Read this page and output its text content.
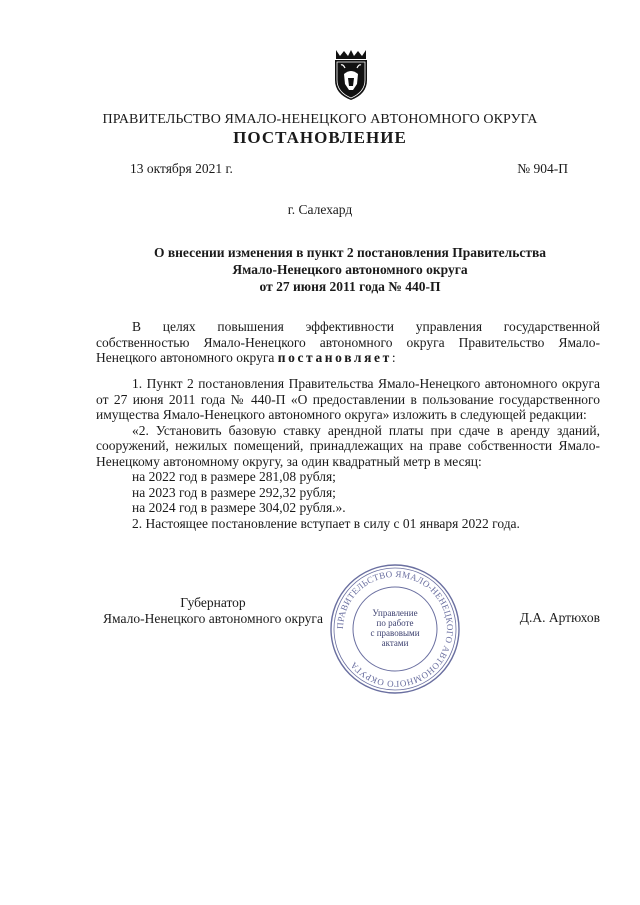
ПРАВИТЕЛЬСТВО ЯМАЛО-НЕНЕЦКОГО АВТОНОМНОГО ОКРУГА
ПОСТАНОВЛЕНИЕ
13 октября 2021 г.	№ 904-П
г. Салехард
О внесении изменения в пункт 2 постановления Правительства
Ямало-Ненецкого автономного округа
от 27 июня 2011 года № 440-П

В целях повышения эффективности управления государственной собственностью Ямало-Ненецкого автономного округа Правительство Ямало-Ненецкого автономного округа постановляет:

1. Пункт 2 постановления Правительства Ямало-Ненецкого автономного округа от 27 июня 2011 года № 440-П «О предоставлении в пользование государственного имущества Ямало-Ненецкого автономного округа» изложить в следующей редакции:

«2. Установить базовую ставку арендной платы при сдаче в аренду зданий, сооружений, нежилых помещений, принадлежащих на праве собственности Ямало-Ненецкому автономному округу, за один квадратный метр в месяц:

на 2022 год в размере 281,08 рубля;

на 2023 год в размере 292,32 рубля;

на 2024 год в размере 304,02 рубля.».

2. Настоящее постановление вступает в силу с 01 января 2022 года.

Губернатор
Ямало-Ненецкого автономного округа	Д.А. Артюхов
ПРАВИТЕЛЬСТВО ЯМАЛО-НЕНЕЦКОГО АВТОНОМНОГО ОКРУГА
Управление
по работе
с правовыми
актами
